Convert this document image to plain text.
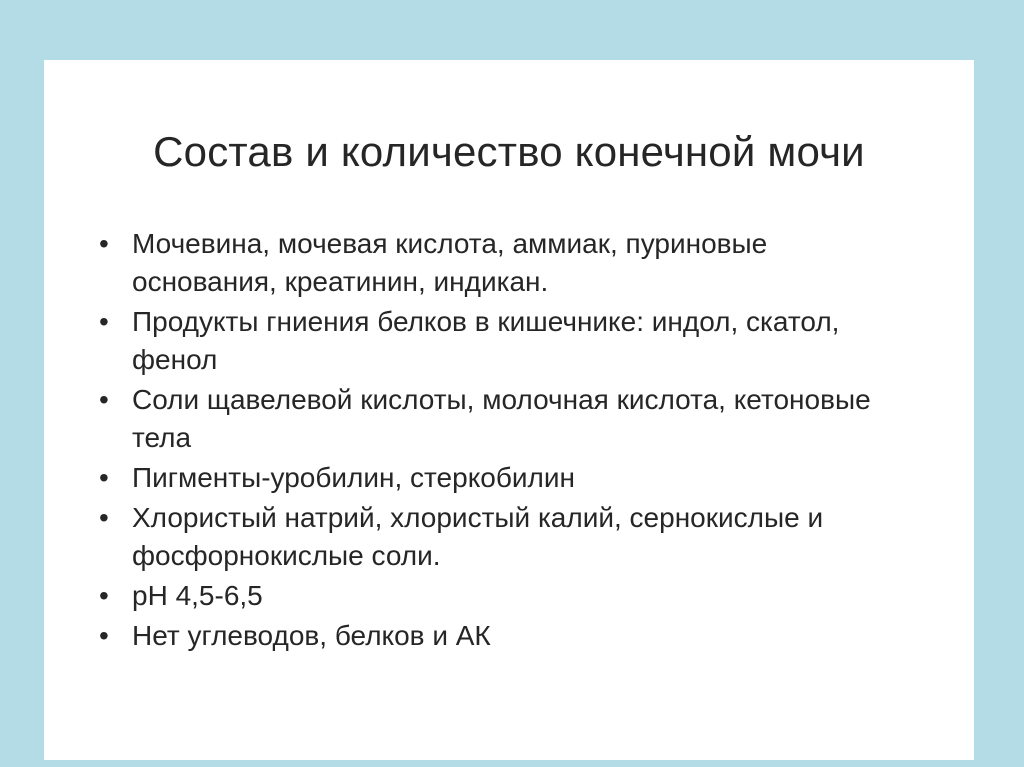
Состав и количество конечной мочи
• Мочевина, мочевая кислота, аммиак, пуриновые основания, креатинин, индикан.
• Продукты гниения белков в кишечнике: индол, скатол, фенол
• Соли щавелевой кислоты, молочная кислота, кетоновые тела
• Пигменты-уробилин, стеркобилин
• Хлористый натрий, хлористый калий, сернокислые и фосфорнокислые соли.
• рН 4,5-6,5
• Нет углеводов, белков и АК
